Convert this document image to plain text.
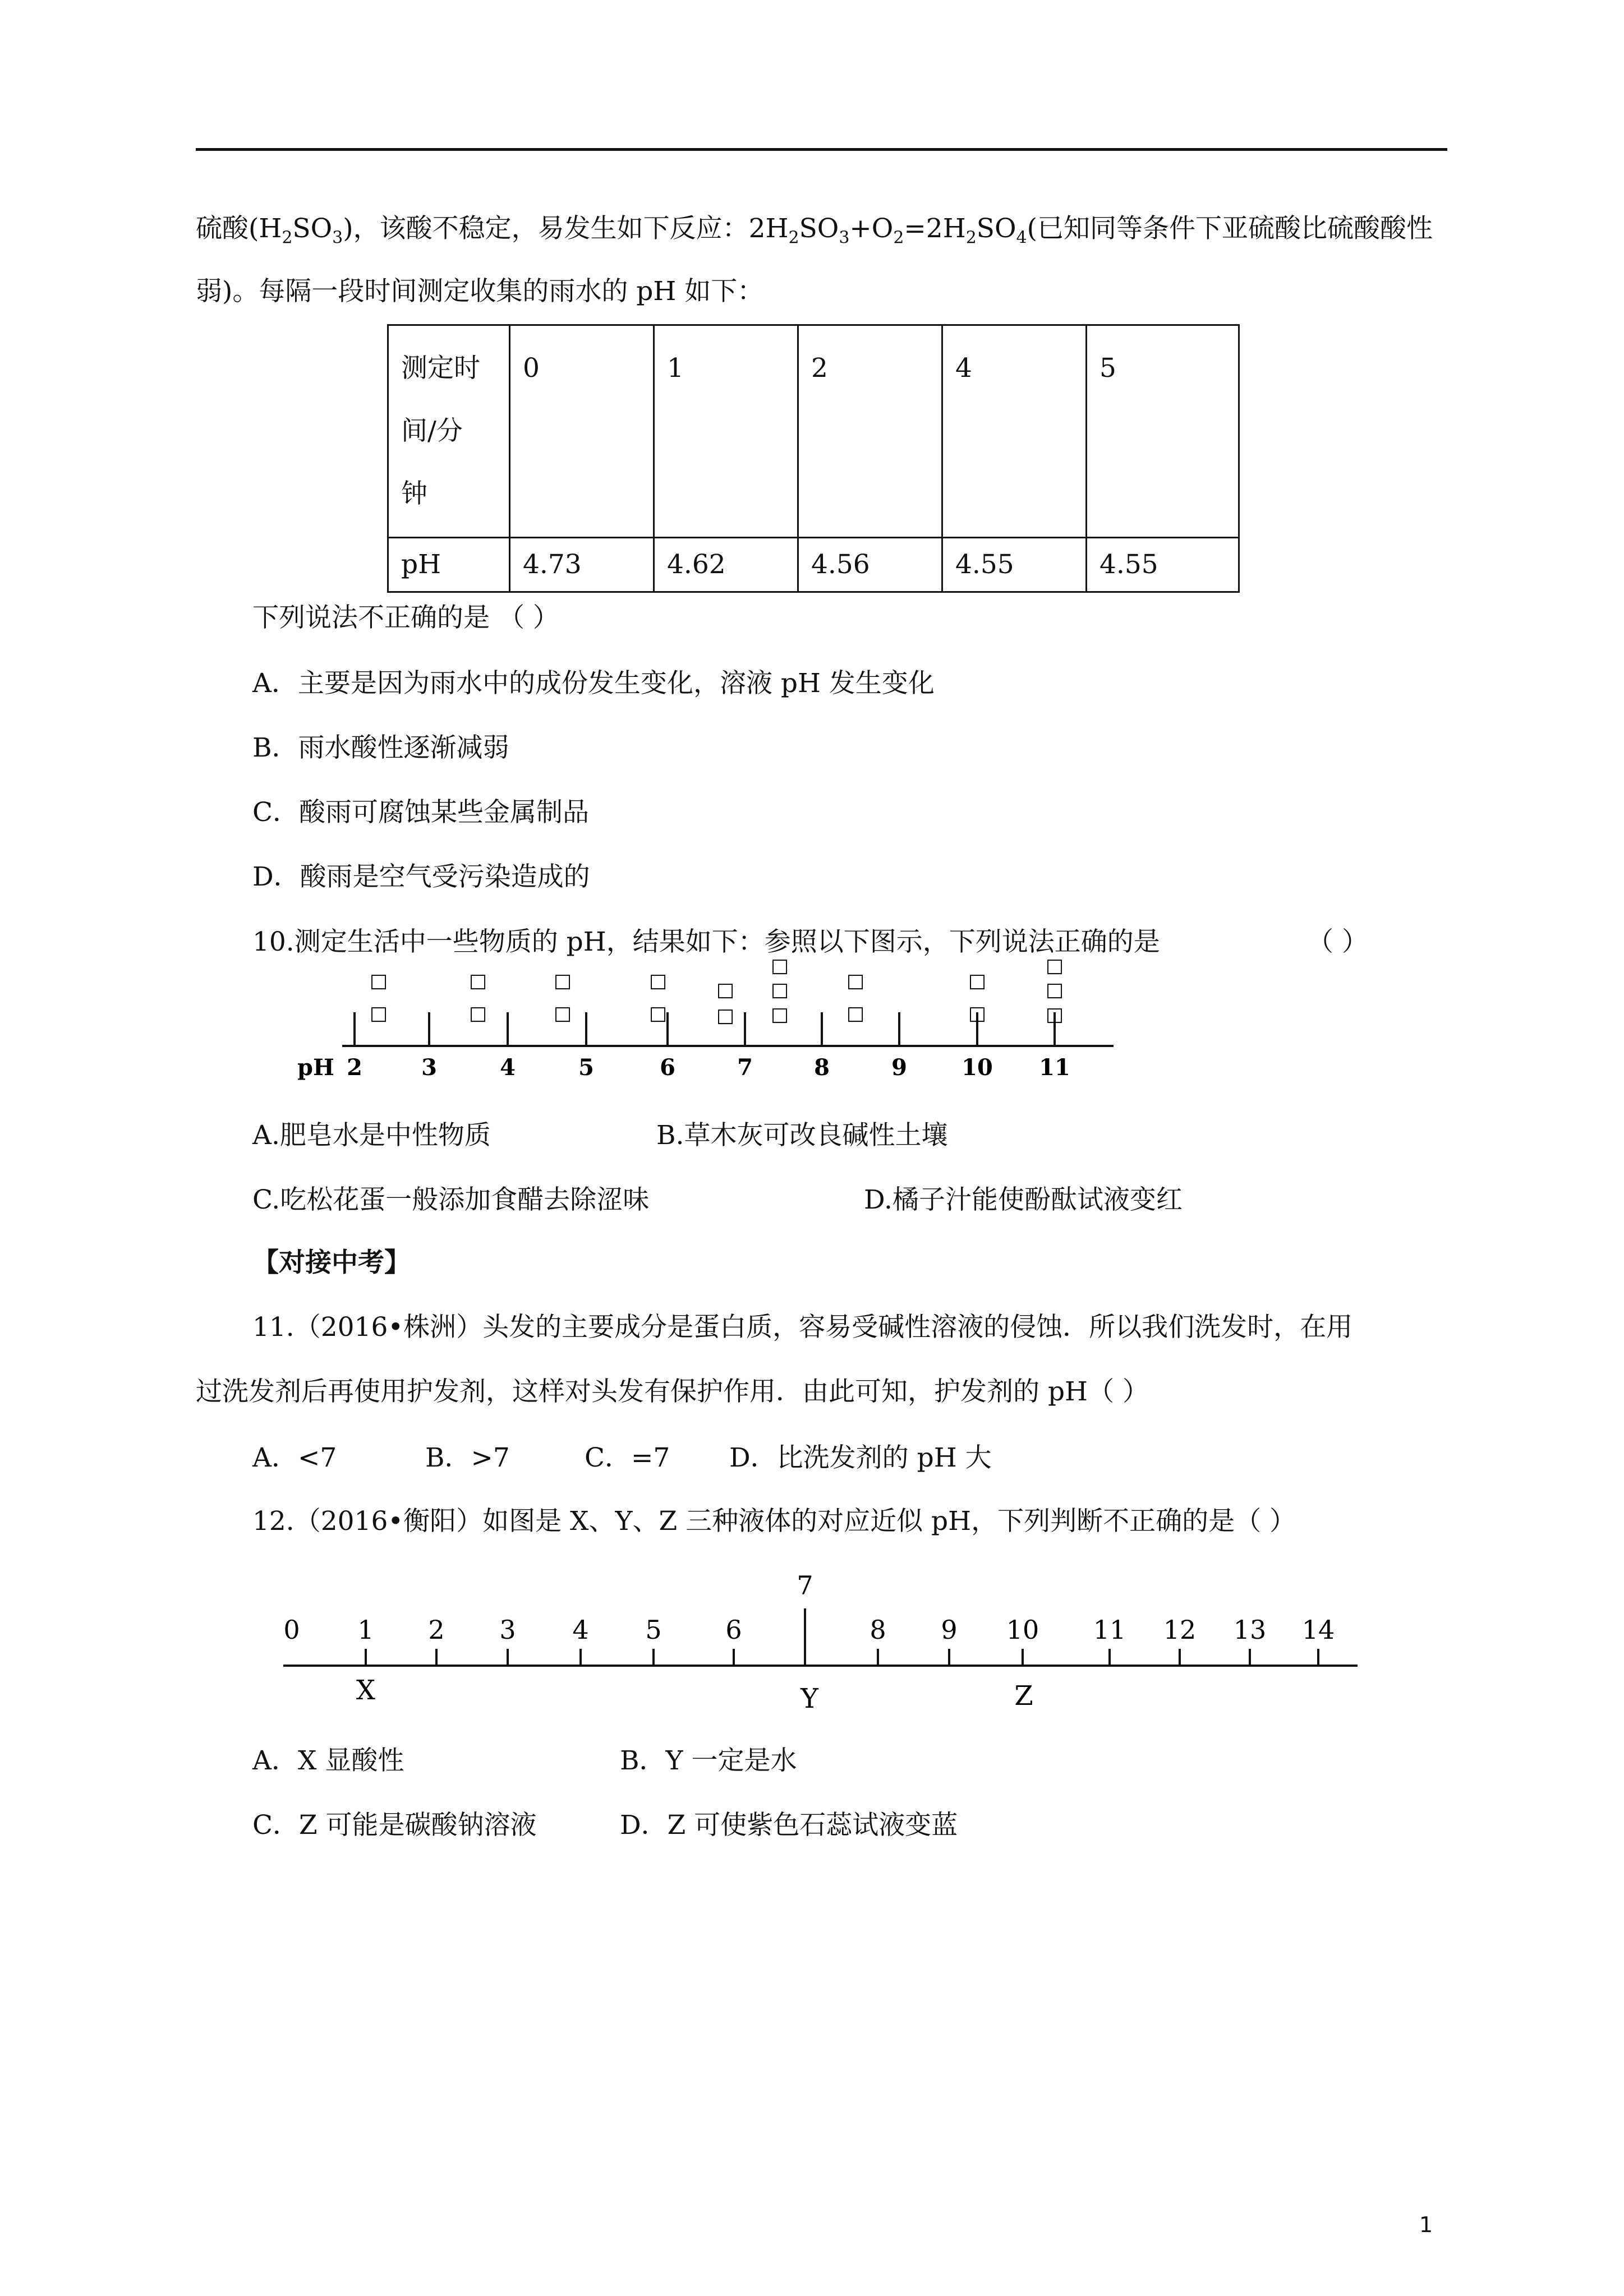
硫酸$(H_2SO_3)$，该酸不稳定，易发生如下反应：$2H_2SO_3+O_2=2H_2SO_4$(已知同等条件下亚硫酸比硫酸酸性
弱)。每隔一段时间测定收集的雨水的 pH 如下：
测定时
间/分
钟	0	1	2	4	5
pH	4.73	4.62	4.56	4.55	4.55
下列说法不正确的是 （ ）
A．主要是因为雨水中的成份发生变化，溶液 pH 发生变化
B．雨水酸性逐渐减弱
C．酸雨可腐蚀某些金属制品
D．酸雨是空气受污染造成的
10.测定生活中一些物质的 pH，结果如下：参照以下图示，下列说法正确的是	（ ）
pH 2	3	4	5	6	7	8	9 10 11
□
□
□
□
□
□
□
□
□
□
□
□
□
□
□
□
□
□
□
□
A.肥皂水是中性物质	B.草木灰可改良碱性土壤
C.吃松花蛋一般添加食醋去除涩味	D.橘子汁能使酚酞试液变红
【对接中考】
11.（2016•株洲）头发的主要成分是蛋白质，容易受碱性溶液的侵蚀．所以我们洗发时，在用
过洗发剂后再使用护发剂，这样对头发有保护作用．由此可知，护发剂的 pH（ ）
A．<7	B．>7	C．=7 D．比洗发剂的 pH 大
12.（2016•衡阳）如图是 X、Y、Z 三种液体的对应近似 pH，下列判断不正确的是（ ）
0 1 2 3 4 5 6
7
8 9 10 11 12 13 14
X	Y	Z
A．X 显酸性	B．Y 一定是水
C．Z 可能是碳酸钠溶液	D．Z 可使紫色石蕊试液变蓝
1
